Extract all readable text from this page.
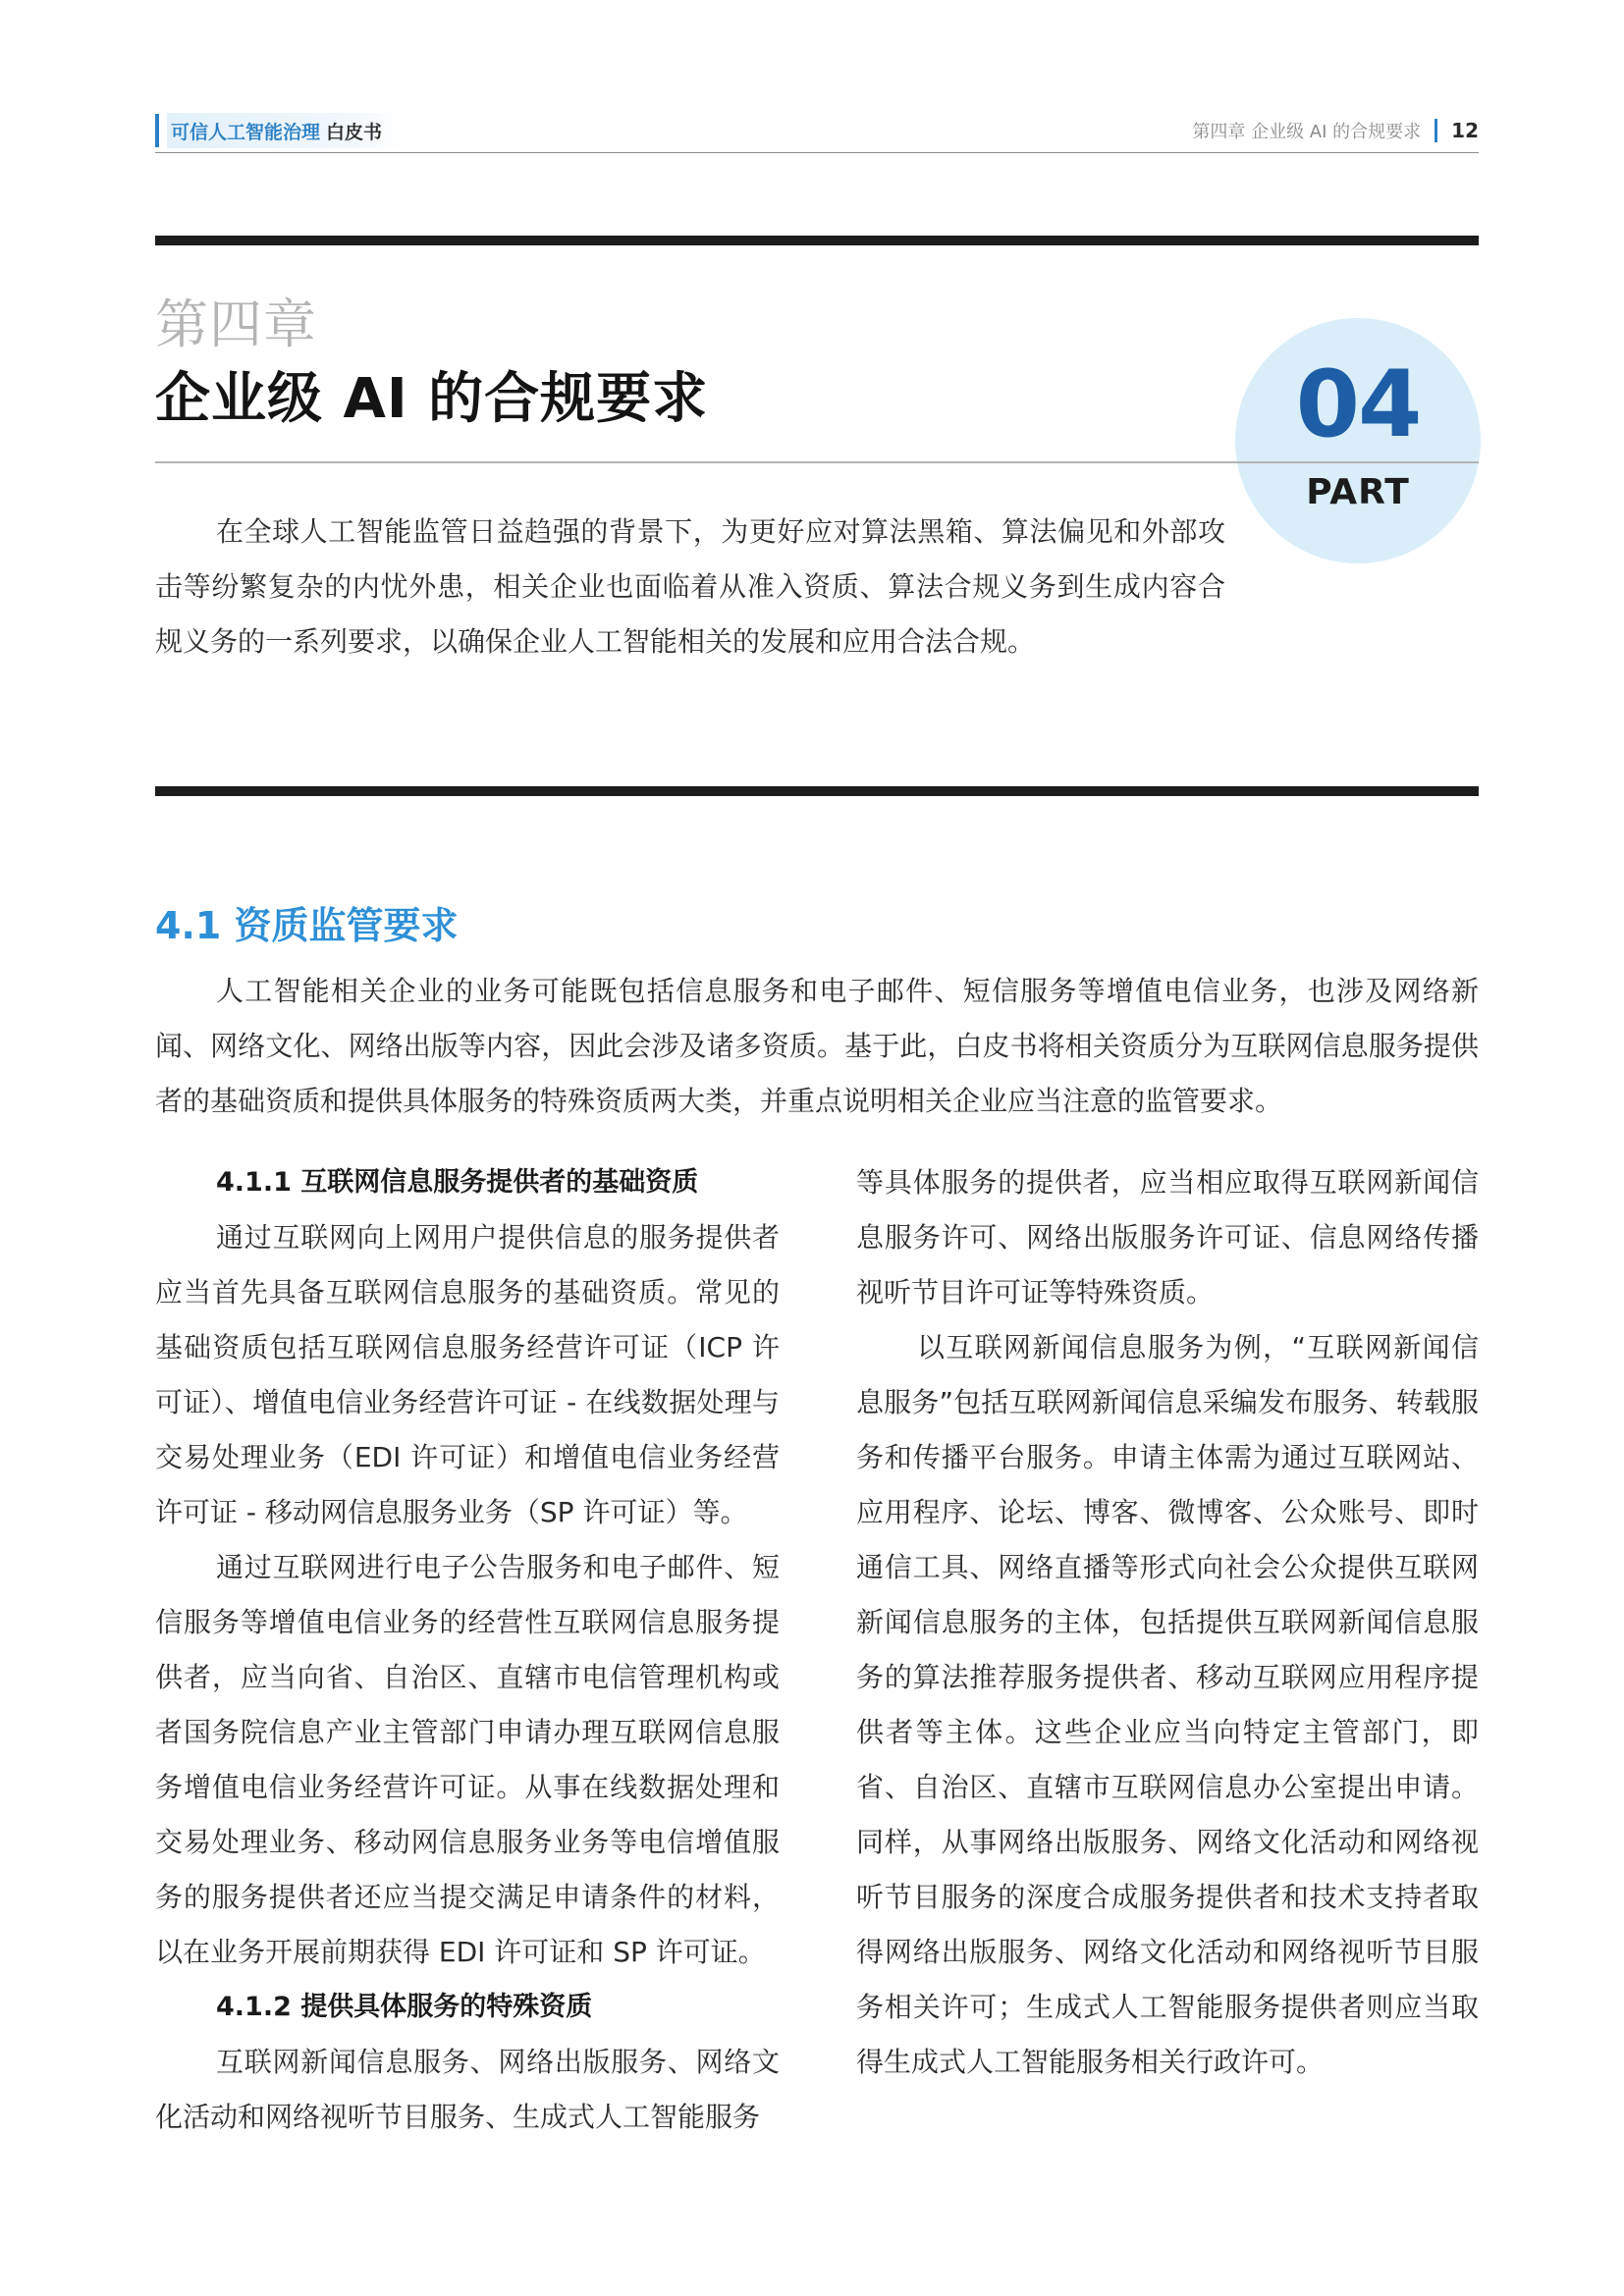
可信人工智能治理 白皮书	第四章 企业级 AI 的合规要求 12
第四章
企业级 AI 的合规要求	04
PART
在全球人工智能监管日益趋强的背景下，为更好应对算法黑箱、算法偏见和外部攻击等纷繁复杂的内忧外患，相关企业也面临着从准入资质、算法合规义务到生成内容合规义务的一系列要求，以确保企业人工智能相关的发展和应用合法合规。
4.1 资质监管要求
人工智能相关企业的业务可能既包括信息服务和电子邮件、短信服务等增值电信业务，也涉及网络新闻、网络文化、网络出版等内容，因此会涉及诸多资质。基于此，白皮书将相关资质分为互联网信息服务提供者的基础资质和提供具体服务的特殊资质两大类，并重点说明相关企业应当注意的监管要求。
4.1.1 互联网信息服务提供者的基础资质

通过互联网向上网用户提供信息的服务提供者应当首先具备互联网信息服务的基础资质。常见的基础资质包括互联网信息服务经营许可证（ICP 许可证）、增值电信业务经营许可证 - 在线数据处理与交易处理业务（EDI 许可证）和增值电信业务经营许可证 - 移动网信息服务业务（SP 许可证）等。

通过互联网进行电子公告服务和电子邮件、短信服务等增值电信业务的经营性互联网信息服务提供者，应当向省、自治区、直辖市电信管理机构或者国务院信息产业主管部门申请办理互联网信息服务增值电信业务经营许可证。从事在线数据处理和交易处理业务、移动网信息服务业务等电信增值服务的服务提供者还应当提交满足申请条件的材料，以在业务开展前期获得 EDI 许可证和 SP 许可证。

4.1.2 提供具体服务的特殊资质

互联网新闻信息服务、网络出版服务、网络文化活动和网络视听节目服务、生成式人工智能服务

等具体服务的提供者，应当相应取得互联网新闻信息服务许可、网络出版服务许可证、信息网络传播视听节目许可证等特殊资质。

以互联网新闻信息服务为例，“互联网新闻信息服务”包括互联网新闻信息采编发布服务、转载服务和传播平台服务。申请主体需为通过互联网站、应用程序、论坛、博客、微博客、公众账号、即时通信工具、网络直播等形式向社会公众提供互联网新闻信息服务的主体，包括提供互联网新闻信息服务的算法推荐服务提供者、移动互联网应用程序提供者等主体。这些企业应当向特定主管部门，即省、自治区、直辖市互联网信息办公室提出申请。同样，从事网络出版服务、网络文化活动和网络视听节目服务的深度合成服务提供者和技术支持者取得网络出版服务、网络文化活动和网络视听节目服务相关许可；生成式人工智能服务提供者则应当取得生成式人工智能服务相关行政许可。
